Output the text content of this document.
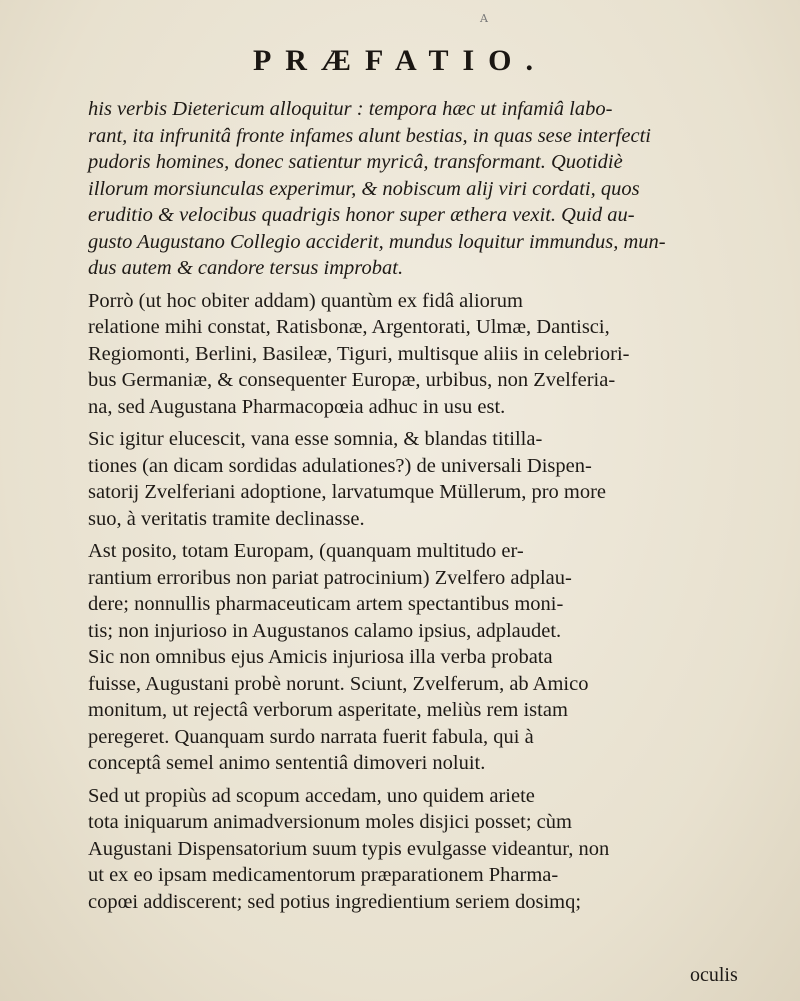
A
PRÆFATIO.
his verbis Dietericum alloquitur : tempora hæc ut infamiâ labo-
rant, ita infrunitâ fronte infames alunt bestias, in quas sese interfecti
pudoris homines, donec satientur myricâ, transformant. Quotidiè
illorum morsiunculas experimur, & nobiscum alij viri cordati, quos
eruditio & velocibus quadrigis honor super æthera vexit. Quid au-
gusto Augustano Collegio acciderit, mundus loquitur immundus, mun-
dus autem & candore tersus improbat.
Porrò (ut hoc obiter addam) quantùm ex fidâ aliorum
relatione mihi constat, Ratisbonæ, Argentorati, Ulmæ, Dantisci,
Regiomonti, Berlini, Basileæ, Tiguri, multisque aliis in celebriori-
bus Germaniæ, & consequenter Europæ, urbibus, non Zvelferia-
na, sed Augustana Pharmacopœia adhuc in usu est.
Sic igitur elucescit, vana esse somnia, & blandas titilla-
tiones (an dicam sordidas adulationes?) de universali Dispen-
satorij Zvelferiani adoptione, larvatumque Müllerum, pro more
suo, à veritatis tramite declinasse.
Ast posito, totam Europam, (quanquam multitudo er-
rantium erroribus non pariat patrocinium) Zvelfero adplau-
dere; nonnullis pharmaceuticam artem spectantibus moni-
tis; non injurioso in Augustanos calamo ipsius, adplaudet.
Sic non omnibus ejus Amicis injuriosa illa verba probata
fuisse, Augustani probè norunt. Sciunt, Zvelferum, ab Amico
monitum, ut rejectâ verborum asperitate, meliùs rem istam
peregeret. Quanquam surdo narrata fuerit fabula, qui à
conceptâ semel animo sententiâ dimoveri noluit.
Sed ut propiùs ad scopum accedam, uno quidem ariete
tota iniquarum animadversionum moles disjici posset; cùm
Augustani Dispensatorium suum typis evulgasse videantur, non
ut ex eo ipsam medicamentorum præparationem Pharma-
copœi addiscerent; sed potius ingredientium seriem dosimq;
oculis
